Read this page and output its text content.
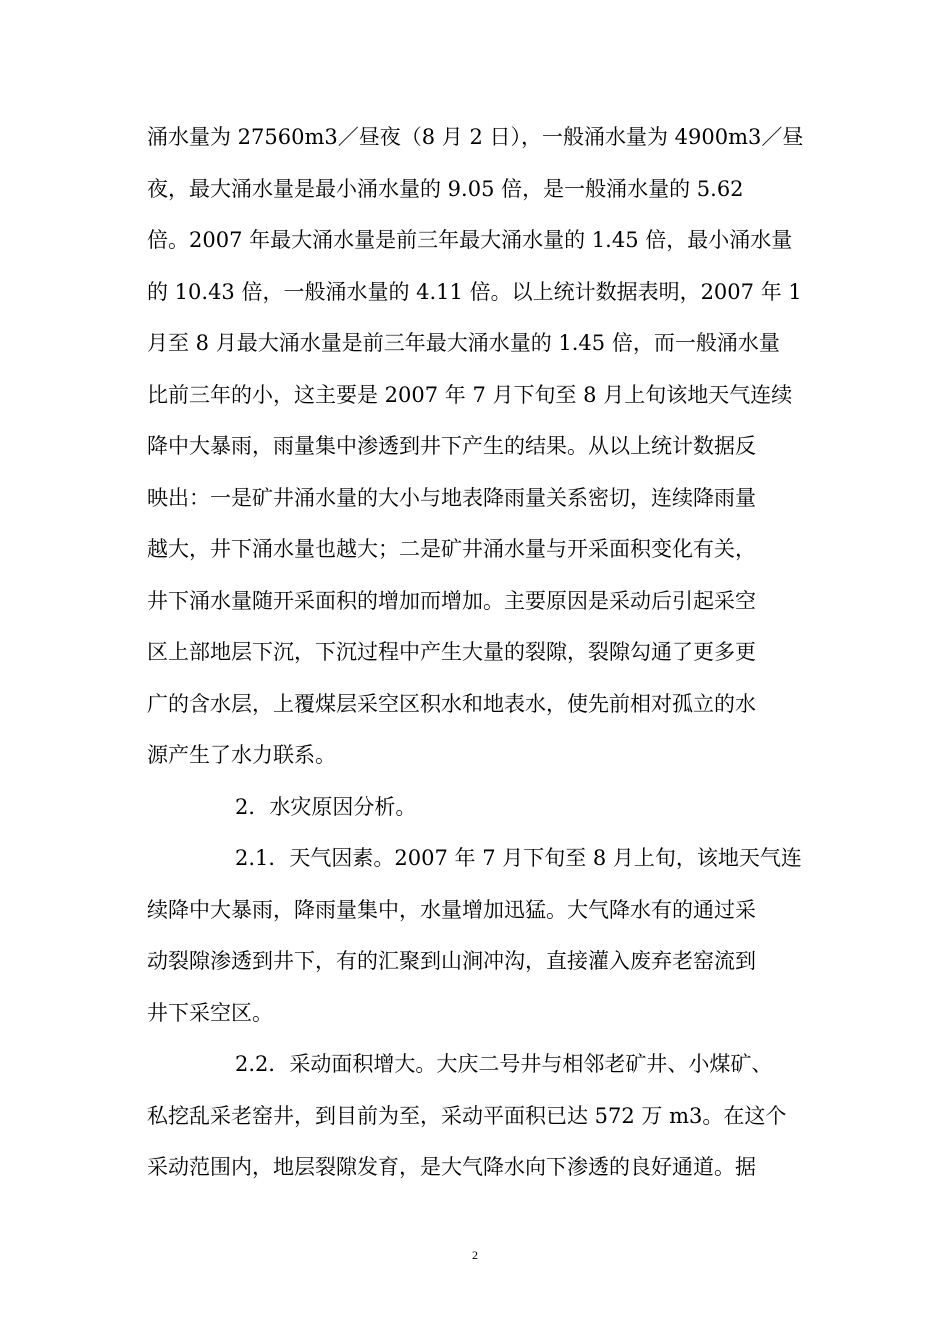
涌水量为 27560m3／昼夜（8 月 2 日），一般涌水量为 4900m3／昼
夜，最大涌水量是最小涌水量的 9.05 倍，是一般涌水量的 5.62
倍。2007 年最大涌水量是前三年最大涌水量的 1.45 倍，最小涌水量
的 10.43 倍，一般涌水量的 4.11 倍。以上统计数据表明，2007 年 1
月至 8 月最大涌水量是前三年最大涌水量的 1.45 倍，而一般涌水量
比前三年的小，这主要是 2007 年 7 月下旬至 8 月上旬该地天气连续
降中大暴雨，雨量集中渗透到井下产生的结果。从以上统计数据反
映出：一是矿井涌水量的大小与地表降雨量关系密切，连续降雨量
越大，井下涌水量也越大；二是矿井涌水量与开采面积变化有关，
井下涌水量随开采面积的增加而增加。主要原因是采动后引起采空
区上部地层下沉，下沉过程中产生大量的裂隙，裂隙勾通了更多更
广的含水层，上覆煤层采空区积水和地表水，使先前相对孤立的水
源产生了水力联系。
2．水灾原因分析。
2.1．天气因素。2007 年 7 月下旬至 8 月上旬，该地天气连
续降中大暴雨，降雨量集中，水量增加迅猛。大气降水有的通过采
动裂隙渗透到井下，有的汇聚到山涧冲沟，直接灌入废弃老窑流到
井下采空区。
2.2．采动面积增大。大庆二号井与相邻老矿井、小煤矿、
私挖乱采老窑井，到目前为至，采动平面积已达 572 万 m3。在这个
采动范围内，地层裂隙发育，是大气降水向下渗透的良好通道。据
2
